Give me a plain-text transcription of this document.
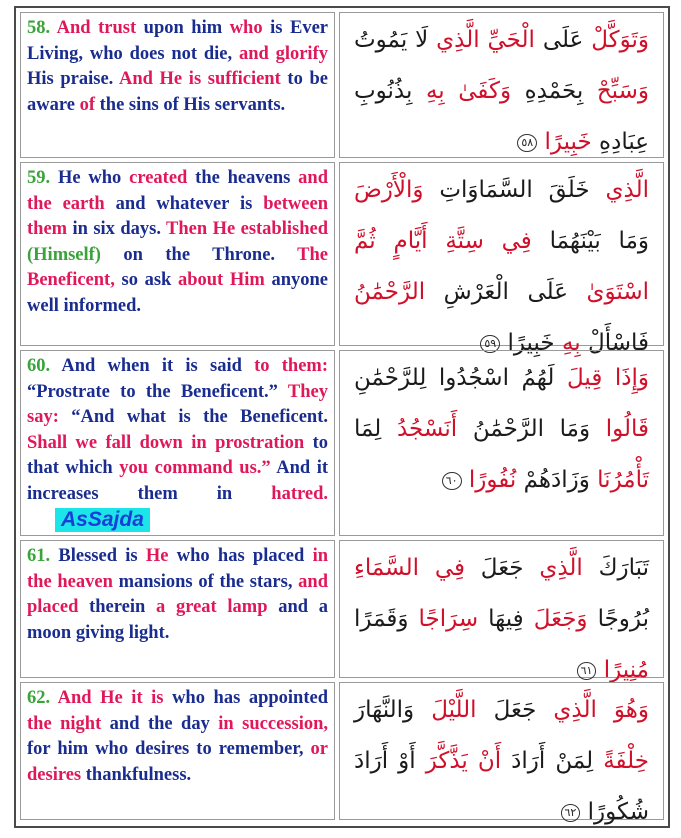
58. And trust upon him who is Ever Living, who does not die, and glorify His praise. And He is sufficient to be aware of the sins of His servants.
وَتَوَكَّلْ عَلَى الْحَيِّ الَّذِي لَا يَمُوتُ وَسَبِّحْ بِحَمْدِهِ وَكَفَىٰ بِهِ بِذُنُوبِ عِبَادِهِ خَبِيرًا ٥٨
59. He who created the heavens and the earth and whatever is between them in six days. Then He established (Himself) on the Throne. The Beneficent, so ask about Him anyone well informed.
الَّذِي خَلَقَ السَّمَاوَاتِ وَالْأَرْضَ وَمَا بَيْنَهُمَا فِي سِتَّةِ أَيَّامٍ ثُمَّ اسْتَوَىٰ عَلَى الْعَرْشِ الرَّحْمَٰنُ فَاسْأَلْ بِهِ خَبِيرًا ٥٩
60. And when it is said to them: “Prostrate to the Beneficent.” They say: “And what is the Beneficent. Shall we fall down in prostration to that which you command us.” And it increases them in hatred.AsSajda
وَإِذَا قِيلَ لَهُمُ اسْجُدُوا لِلرَّحْمَٰنِ قَالُوا وَمَا الرَّحْمَٰنُ أَنَسْجُدُ لِمَا تَأْمُرُنَا وَزَادَهُمْ نُفُورًا ٦٠
61. Blessed is He who has placed in the heaven mansions of the stars, and placed therein a great lamp and a moon giving light.
تَبَارَكَ الَّذِي جَعَلَ فِي السَّمَاءِ بُرُوجًا وَجَعَلَ فِيهَا سِرَاجًا وَقَمَرًا مُنِيرًا ٦١
62. And He it is who has appointed the night and the day in succession, for him who desires to remember, or desires thankfulness.
وَهُوَ الَّذِي جَعَلَ اللَّيْلَ وَالنَّهَارَ خِلْفَةً لِمَنْ أَرَادَ أَنْ يَذَّكَّرَ أَوْ أَرَادَ شُكُورًا ٦٢
